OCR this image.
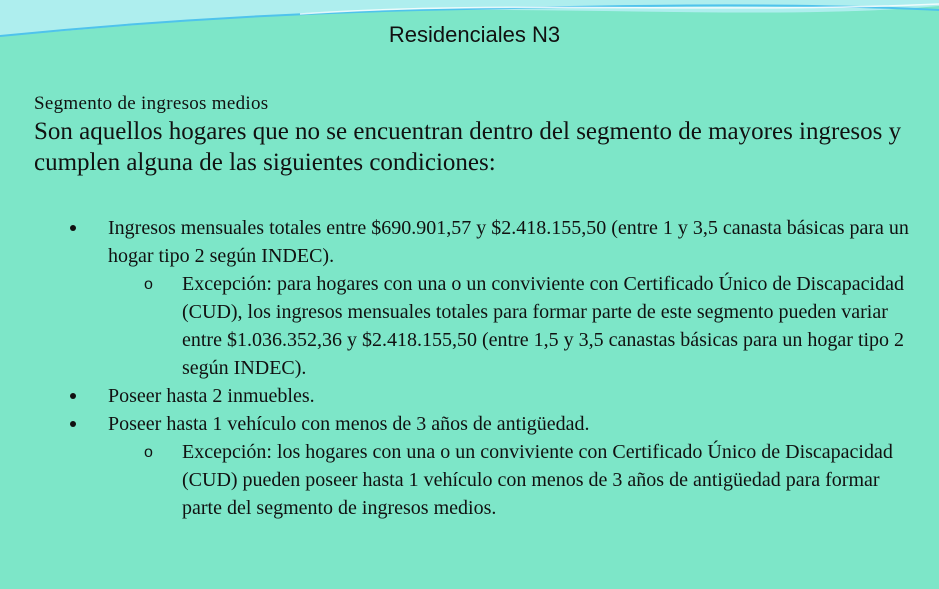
Residenciales N3
Segmento de ingresos medios
Son aquellos hogares que no se encuentran dentro del segmento de mayores ingresos y cumplen alguna de las siguientes condiciones:
Ingresos mensuales totales entre $690.901,57 y $2.418.155,50 (entre 1 y 3,5 canasta básicas para un hogar tipo 2 según INDEC).
o Excepción: para hogares con una o un conviviente con Certificado Único de Discapacidad (CUD), los ingresos mensuales totales para formar parte de este segmento pueden variar entre $1.036.352,36 y $2.418.155,50 (entre 1,5 y 3,5 canastas básicas para un hogar tipo 2 según INDEC).
Poseer hasta 2 inmuebles.
Poseer hasta 1 vehículo con menos de 3 años de antigüedad.
o Excepción: los hogares con una o un conviviente con Certificado Único de Discapacidad (CUD) pueden poseer hasta 1 vehículo con menos de 3 años de antigüedad para formar parte del segmento de ingresos medios.
